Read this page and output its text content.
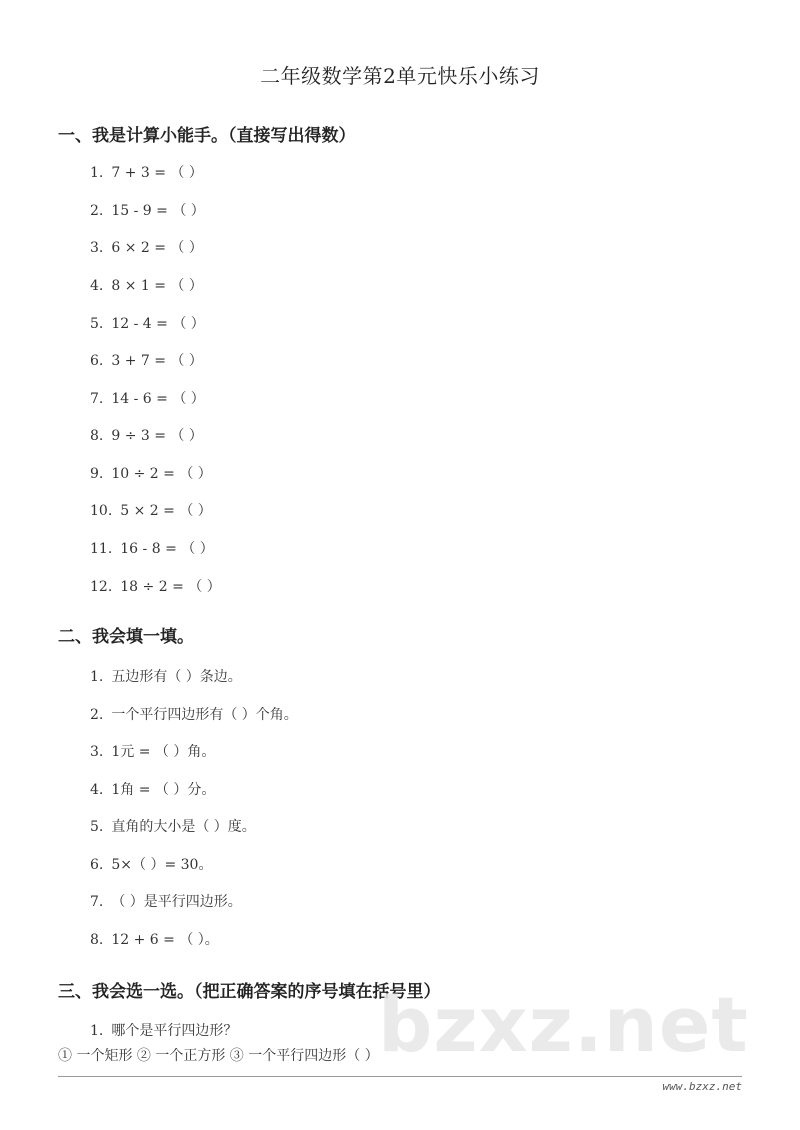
二年级数学第2单元快乐小练习
一、我是计算小能手。（直接写出得数）
1. 7 + 3 = （ ）
2. 15 - 9 = （ ）
3. 6 × 2 = （ ）
4. 8 × 1 = （ ）
5. 12 - 4 = （ ）
6. 3 + 7 = （ ）
7. 14 - 6 = （ ）
8. 9 ÷ 3 = （ ）
9. 10 ÷ 2 = （ ）
10. 5 × 2 = （ ）
11. 16 - 8 = （ ）
12. 18 ÷ 2 = （ ）
二、我会填一填。
1. 五边形有（ ）条边。
2. 一个平行四边形有（ ）个角。
3. 1元 = （ ）角。
4. 1角 = （ ）分。
5. 直角的大小是（ ）度。
6. 5×（ ）= 30。
7. （ ）是平行四边形。
8. 12 + 6 = （ ）。
三、我会选一选。（把正确答案的序号填在括号里）
1. 哪个是平行四边形？
① 一个矩形 ② 一个正方形 ③ 一个平行四边形（ ） bzxz.net
www.bzxz.net
